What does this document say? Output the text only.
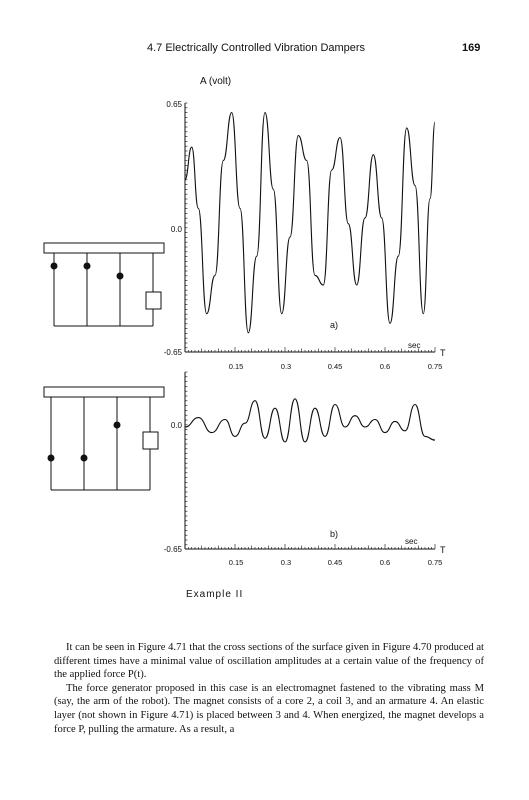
4.7 Electrically Controlled Vibration Dampers	169
A (volt)
0.65
0.0
-0.65
0.15	0.3	0.45	0.6	0.75
sec
T
a)
0.0
-0.65
0.15	0.3	0.45	0.6	0.75
sec
T
b)
Example II

It can be seen in Figure 4.71 that the cross sections of the surface given in Figure 4.70 produced at different times have a minimal value of oscillation amplitudes at a certain value of the frequency of the applied force P(t).

The force generator proposed in this case is an electromagnet fastened to the vibrating mass M (say, the arm of the robot). The magnet consists of a core 2, a coil 3, and an armature 4. An elastic layer (not shown in Figure 4.71) is placed between 3 and 4. When energized, the magnet develops a force P, pulling the armature. As a result, a
